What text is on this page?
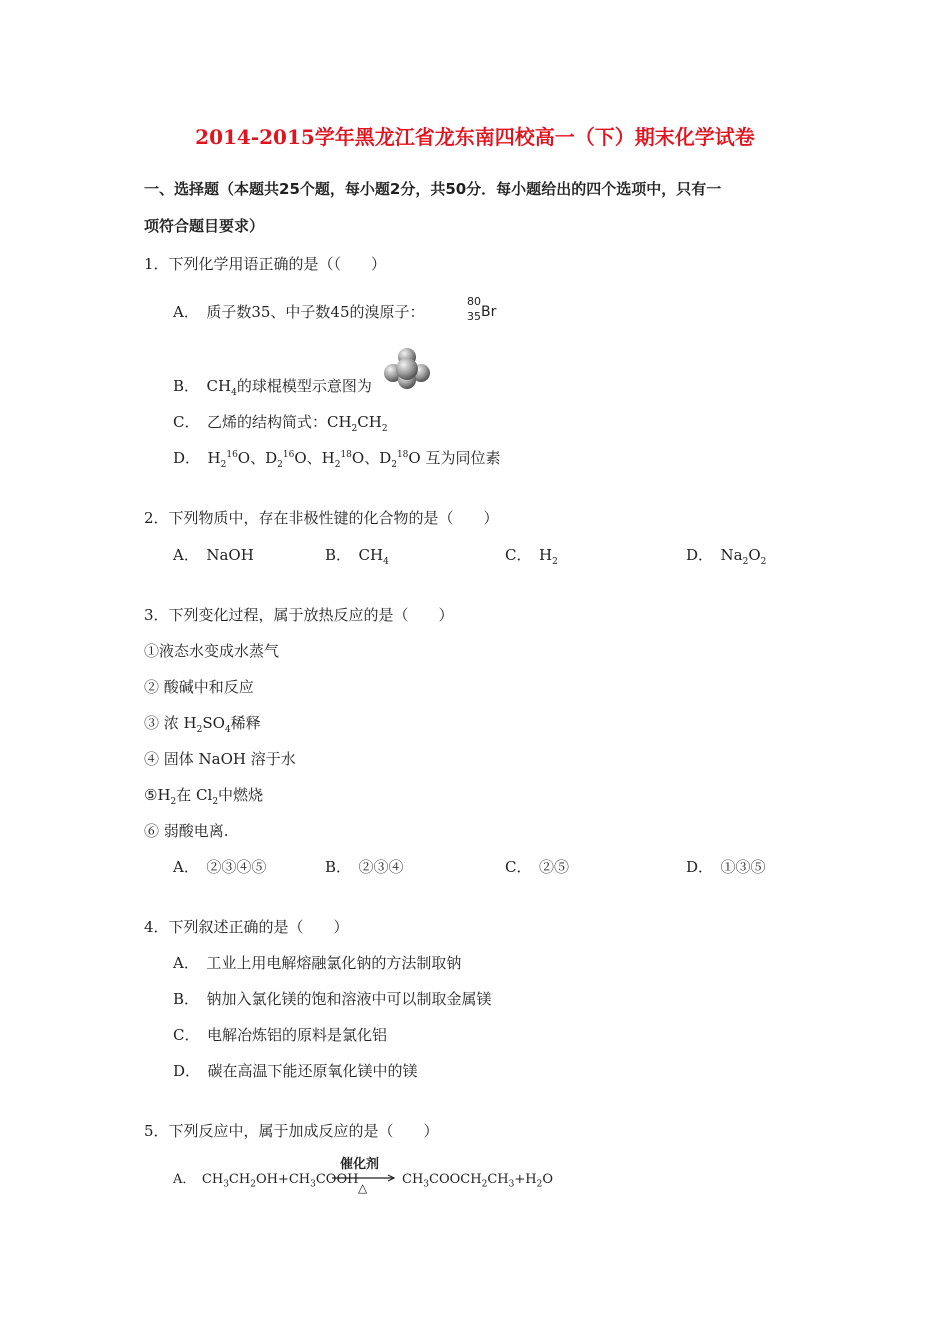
2014-2015学年黑龙江省龙东南四校高一（下）期末化学试卷
一、选择题（本题共25个题，每小题2分，共50分．每小题给出的四个选项中，只有一
项符合题目要求）
1．下列化学用语正确的是（（　　）
A．　质子数35、中子数45的溴原子：
80
35 Br
B．　$CH_4$的球棍模型示意图为
C．　乙烯的结构简式：$CH_2CH_2$
D．　$H_2^{16}O$、$D_2^{16}O$、$H_2^{18}O$、$D_2^{18}O$ 互为同位素
2．下列物质中，存在非极性键的化合物的是（　　）
A．　NaOH	B．　$CH_4$	C．　$H_2$	D．　$Na_2O_2$
3．下列变化过程，属于放热反应的是（　　）
①液态水变成水蒸气
② 酸碱中和反应
③ 浓 $H_2SO_4$稀释
④ 固体 NaOH 溶于水
$⑤H_2$在 $Cl_2$中燃烧
⑥ 弱酸电离.
A．　②③④⑤	B．　②③④	C．　②⑤	D．　①③⑤
4．下列叙述正确的是（　　）
A．　工业上用电解熔融氯化钠的方法制取钠
B．　钠加入氯化镁的饱和溶液中可以制取金属镁
C．　电解冶炼铝的原料是氯化铝
D．　碳在高温下能还原氧化镁中的镁
5．下列反应中，属于加成反应的是（　　）
A．　$CH_3CH_2OH+CH_3COOH$
催化剂
△
$CH_3COOCH_2CH_3+H_2O$
